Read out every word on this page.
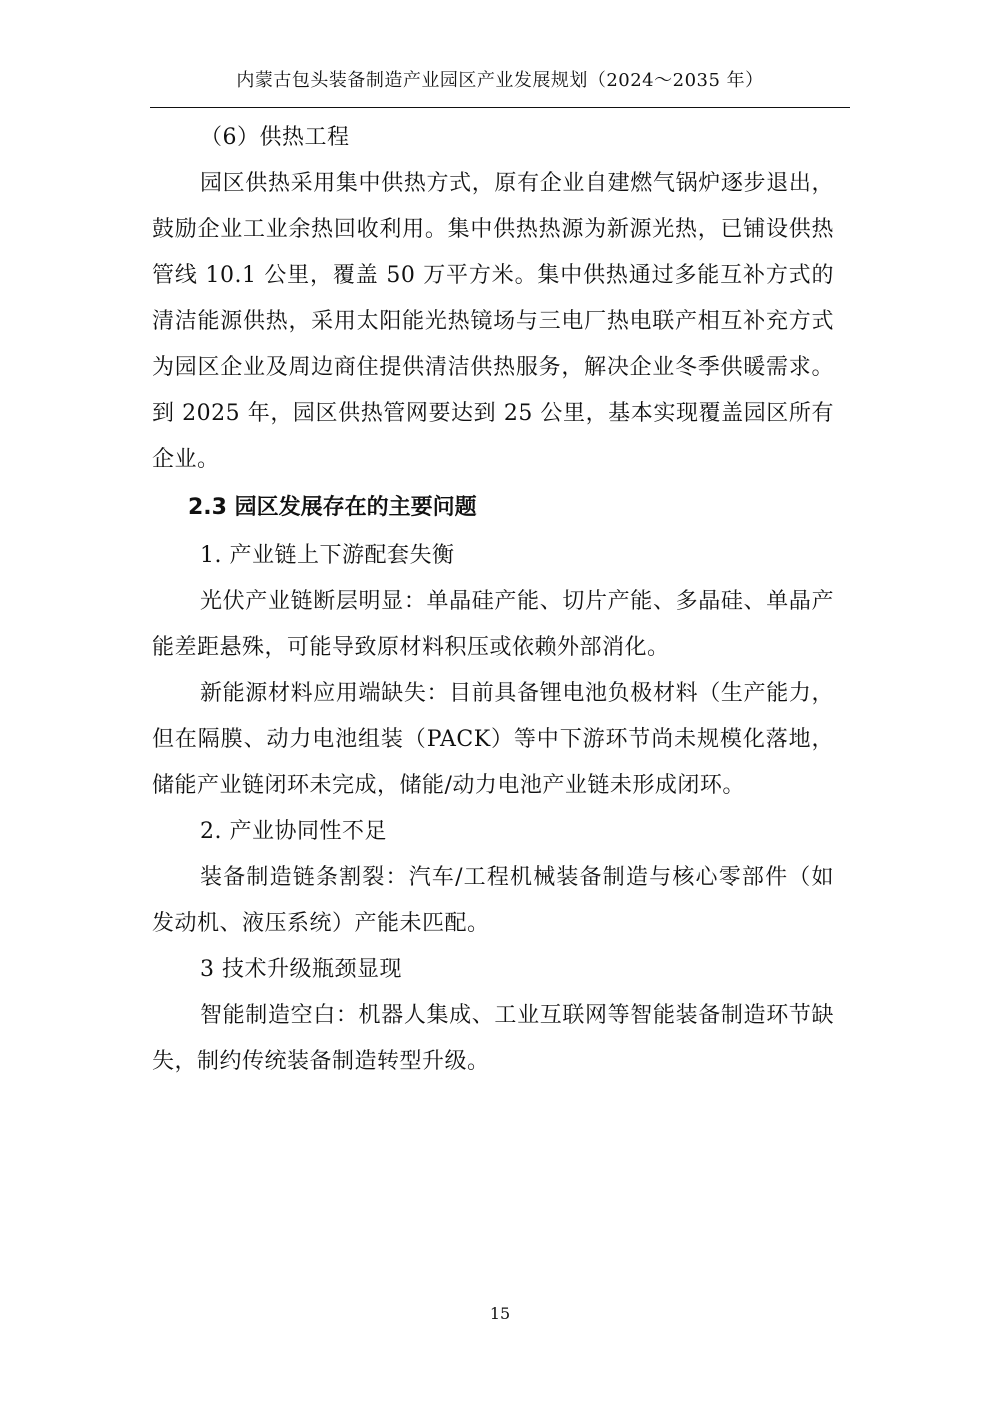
内蒙古包头装备制造产业园区产业发展规划（2024～2035 年）

（6）供热工程

园区供热采用集中供热方式，原有企业自建燃气锅炉逐步退出，鼓励企业工业余热回收利用。集中供热热源为新源光热，已铺设供热管线 10.1 公里，覆盖 50 万平方米。集中供热通过多能互补方式的清洁能源供热，采用太阳能光热镜场与三电厂热电联产相互补充方式为园区企业及周边商住提供清洁供热服务，解决企业冬季供暖需求。到 2025 年，园区供热管网要达到 25 公里，基本实现覆盖园区所有企业。

2.3 园区发展存在的主要问题

1. 产业链上下游配套失衡

光伏产业链断层明显：单晶硅产能、切片产能、多晶硅、单晶产能差距悬殊，可能导致原材料积压或依赖外部消化。

新能源材料应用端缺失：目前具备锂电池负极材料（生产能力，但在隔膜、动力电池组装（PACK）等中下游环节尚未规模化落地，储能产业链闭环未完成，储能/动力电池产业链未形成闭环。

2. 产业协同性不足

装备制造链条割裂：汽车/工程机械装备制造与核心零部件（如发动机、液压系统）产能未匹配。

3 技术升级瓶颈显现

智能制造空白：机器人集成、工业互联网等智能装备制造环节缺失，制约传统装备制造转型升级。

15
